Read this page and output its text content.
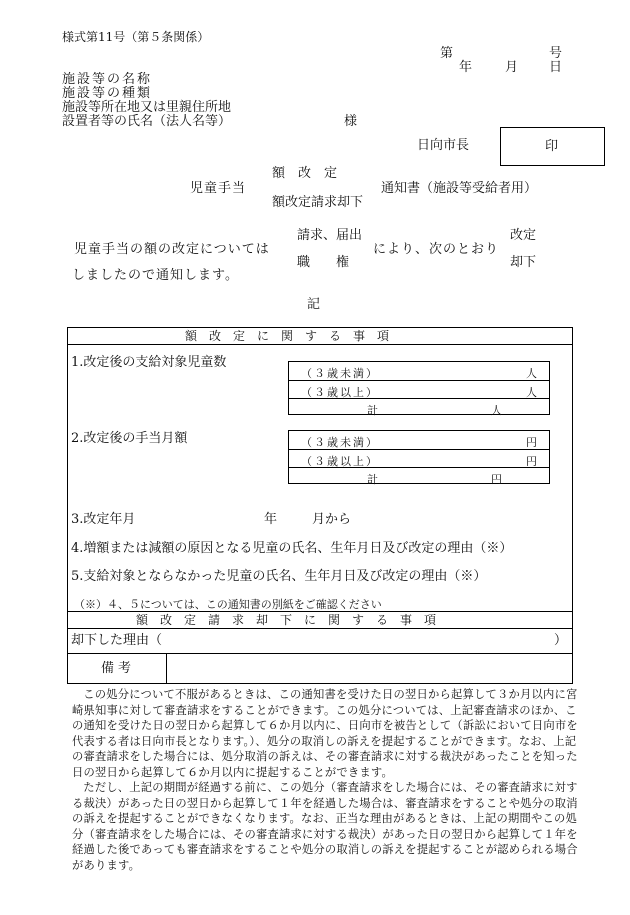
様式第11号（第５条関係）
第	号
年	月 日
施設等の名称
施設等の種類
施設等所在地又は里親住所地
設置者等の氏名（法人名等）	様
日向市長	印
額　改　定
児童手当	通知書（施設等受給者用）
額改定請求却下
請求、届出	改定
児童手当の額の改定については	により、次のとおり
職　　権	却下
しましたので通知します。
記
額　改　定　に　関　す　る　事　項
1.改定後の支給対象児童数
（３歳未満）	人
（３歳以上）	人
計	人
2.改定後の手当月額	（３歳未満）	円
（３歳以上）	円
計	円
3.改定年月	年	月から
4.増額または減額の原因となる児童の氏名、生年月日及び改定の理由（※）
5.支給対象とならなかった児童の氏名、生年月日及び改定の理由（※）
（※）４、５については、この通知書の別紙をご確認ください
額　改　定　請　求　却　下　に　関　す　る　事　項
却下した理由（	）
備考

この処分について不服があるときは、この通知書を受けた日の翌日から起算して３か月以内に宮崎県知事に対して審査請求をすることができます。この処分については、上記審査請求のほか、この通知を受けた日の翌日から起算して６か月以内に、日向市を被告として（訴訟において日向市を代表する者は日向市長となります。）、処分の取消しの訴えを提起することができます。なお、上記の審査請求をした場合には、処分取消の訴えは、その審査請求に対する裁決があったことを知った日の翌日から起算して６か月以内に提起することができます。

ただし、上記の期間が経過する前に、この処分（審査請求をした場合には、その審査請求に対する裁決）があった日の翌日から起算して１年を経過した場合は、審査請求をすることや処分の取消の訴えを提起することができなくなります。なお、正当な理由があるときは、上記の期間やこの処分（審査請求をした場合には、その審査請求に対する裁決）があった日の翌日から起算して１年を経過した後であっても審査請求をすることや処分の取消しの訴えを提起することが認められる場合があります。
